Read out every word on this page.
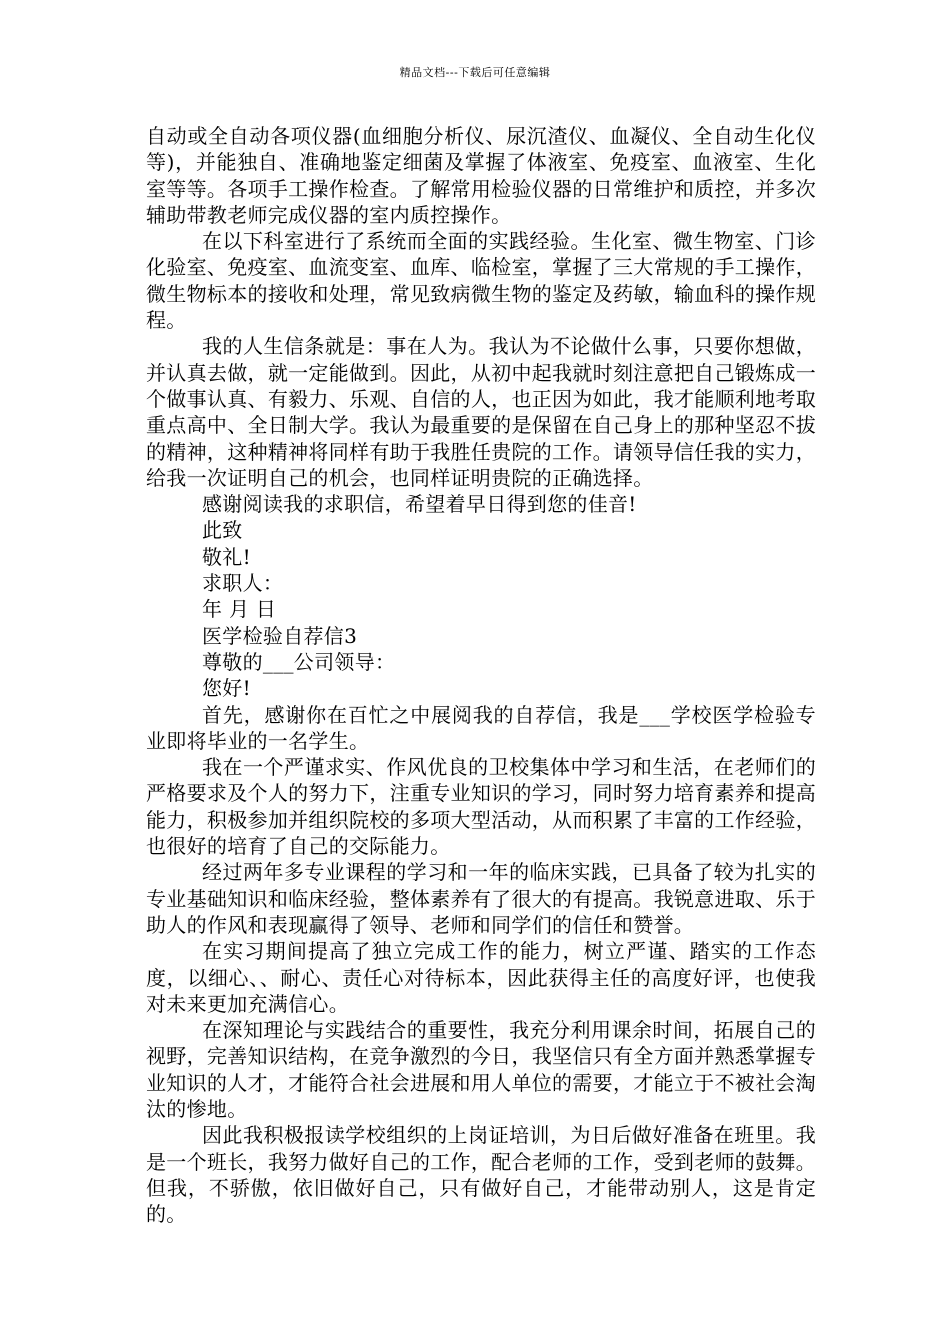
精品文档---下载后可任意编辑

自动或全自动各项仪器(血细胞分析仪、尿沉渣仪、血凝仪、全自动生化仪等)，并能独自、准确地鉴定细菌及掌握了体液室、免疫室、血液室、生化室等等。各项手工操作检查。了解常用检验仪器的日常维护和质控，并多次辅助带教老师完成仪器的室内质控操作。

在以下科室进行了系统而全面的实践经验。生化室、微生物室、门诊化验室、免疫室、血流变室、血库、临检室，掌握了三大常规的手工操作，微生物标本的接收和处理，常见致病微生物的鉴定及药敏，输血科的操作规程。

我的人生信条就是：事在人为。我认为不论做什么事，只要你想做，并认真去做，就一定能做到。因此，从初中起我就时刻注意把自己锻炼成一个做事认真、有毅力、乐观、自信的人，也正因为如此，我才能顺利地考取重点高中、全日制大学。我认为最重要的是保留在自己身上的那种坚忍不拔的精神，这种精神将同样有助于我胜任贵院的工作。请领导信任我的实力，给我一次证明自己的机会，也同样证明贵院的正确选择。

感谢阅读我的求职信，希望着早日得到您的佳音!

此致

敬礼!

求职人：

年 月 日

医学检验自荐信3

尊敬的___公司领导：

您好!

首先，感谢你在百忙之中展阅我的自荐信，我是___学校医学检验专业即将毕业的一名学生。

我在一个严谨求实、作风优良的卫校集体中学习和生活，在老师们的严格要求及个人的努力下，注重专业知识的学习，同时努力培育素养和提高能力，积极参加并组织院校的多项大型活动，从而积累了丰富的工作经验，也很好的培育了自己的交际能力。

经过两年多专业课程的学习和一年的临床实践，已具备了较为扎实的专业基础知识和临床经验，整体素养有了很大的有提高。我锐意进取、乐于助人的作风和表现赢得了领导、老师和同学们的信任和赞誉。

在实习期间提高了独立完成工作的能力，树立严谨、踏实的工作态度，以细心、、耐心、责任心对待标本，因此获得主任的高度好评，也使我对未来更加充满信心。

在深知理论与实践结合的重要性，我充分利用课余时间，拓展自己的视野，完善知识结构，在竞争激烈的今日，我坚信只有全方面并熟悉掌握专业知识的人才，才能符合社会进展和用人单位的需要，才能立于不被社会淘汰的惨地。

因此我积极报读学校组织的上岗证培训，为日后做好准备在班里。我是一个班长，我努力做好自己的工作，配合老师的工作，受到老师的鼓舞。但我，不骄傲，依旧做好自己，只有做好自己，才能带动别人，这是肯定的。
